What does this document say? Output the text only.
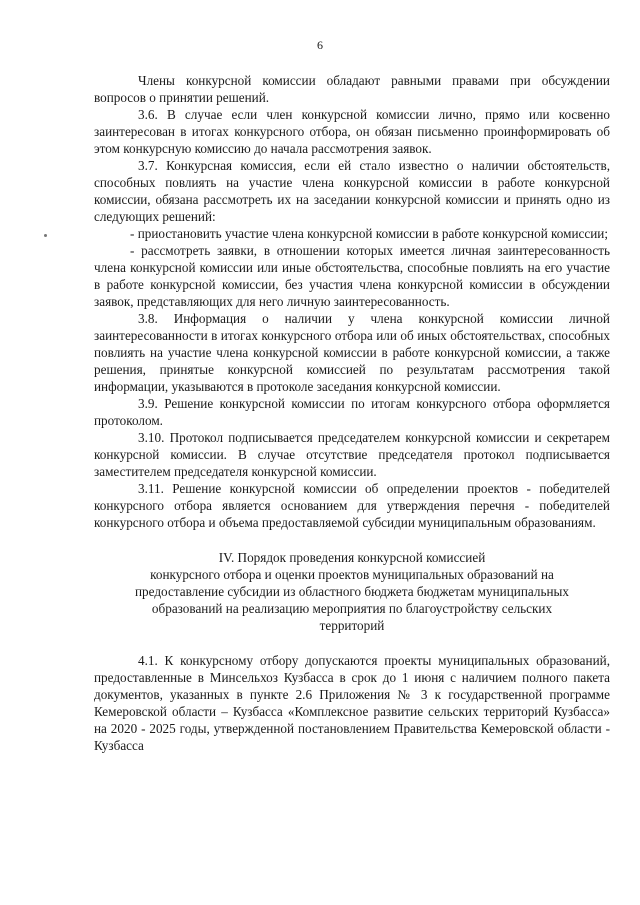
6

Члены конкурсной комиссии обладают равными правами при обсуждении вопросов о принятии решений.

3.6. В случае если член конкурсной комиссии лично, прямо или косвенно заинтересован в итогах конкурсного отбора, он обязан письменно проинформировать об этом конкурсную комиссию до начала рассмотрения заявок.

3.7. Конкурсная комиссия, если ей стало известно о наличии обстоятельств, способных повлиять на участие члена конкурсной комиссии в работе конкурсной комиссии, обязана рассмотреть их на заседании конкурсной комиссии и принять одно из следующих решений:

- приостановить участие члена конкурсной комиссии в работе конкурсной комиссии;

- рассмотреть заявки, в отношении которых имеется личная заинтересованность члена конкурсной комиссии или иные обстоятельства, способные повлиять на его участие в работе конкурсной комиссии, без участия члена конкурсной комиссии в обсуждении заявок, представляющих для него личную заинтересованность.

3.8. Информация о наличии у члена конкурсной комиссии личной заинтересованности в итогах конкурсного отбора или об иных обстоятельствах, способных повлиять на участие члена конкурсной комиссии в работе конкурсной комиссии, а также решения, принятые конкурсной комиссией по результатам рассмотрения такой информации, указываются в протоколе заседания конкурсной комиссии.

3.9. Решение конкурсной комиссии по итогам конкурсного отбора оформляется протоколом.

3.10. Протокол подписывается председателем конкурсной комиссии и секретарем конкурсной комиссии. В случае отсутствие председателя протокол подписывается заместителем председателя конкурсной комиссии.

3.11. Решение конкурсной комиссии об определении проектов - победителей конкурсного отбора является основанием для утверждения перечня - победителей конкурсного отбора и объема предоставляемой субсидии муниципальным образованиям.

IV. Порядок проведения конкурсной комиссией
конкурсного отбора и оценки проектов муниципальных образований на
предоставление субсидии из областного бюджета бюджетам муниципальных
образований на реализацию мероприятия по благоустройству сельских
территорий

4.1. К конкурсному отбору допускаются проекты муниципальных образований, предоставленные в Минсельхоз Кузбасса в срок до 1 июня с наличием полного пакета документов, указанных в пункте 2.6 Приложения № 3 к государственной программе Кемеровской области – Кузбасса «Комплексное развитие сельских территорий Кузбасса» на 2020 - 2025 годы, утвержденной постановлением Правительства Кемеровской области - Кузбасса
